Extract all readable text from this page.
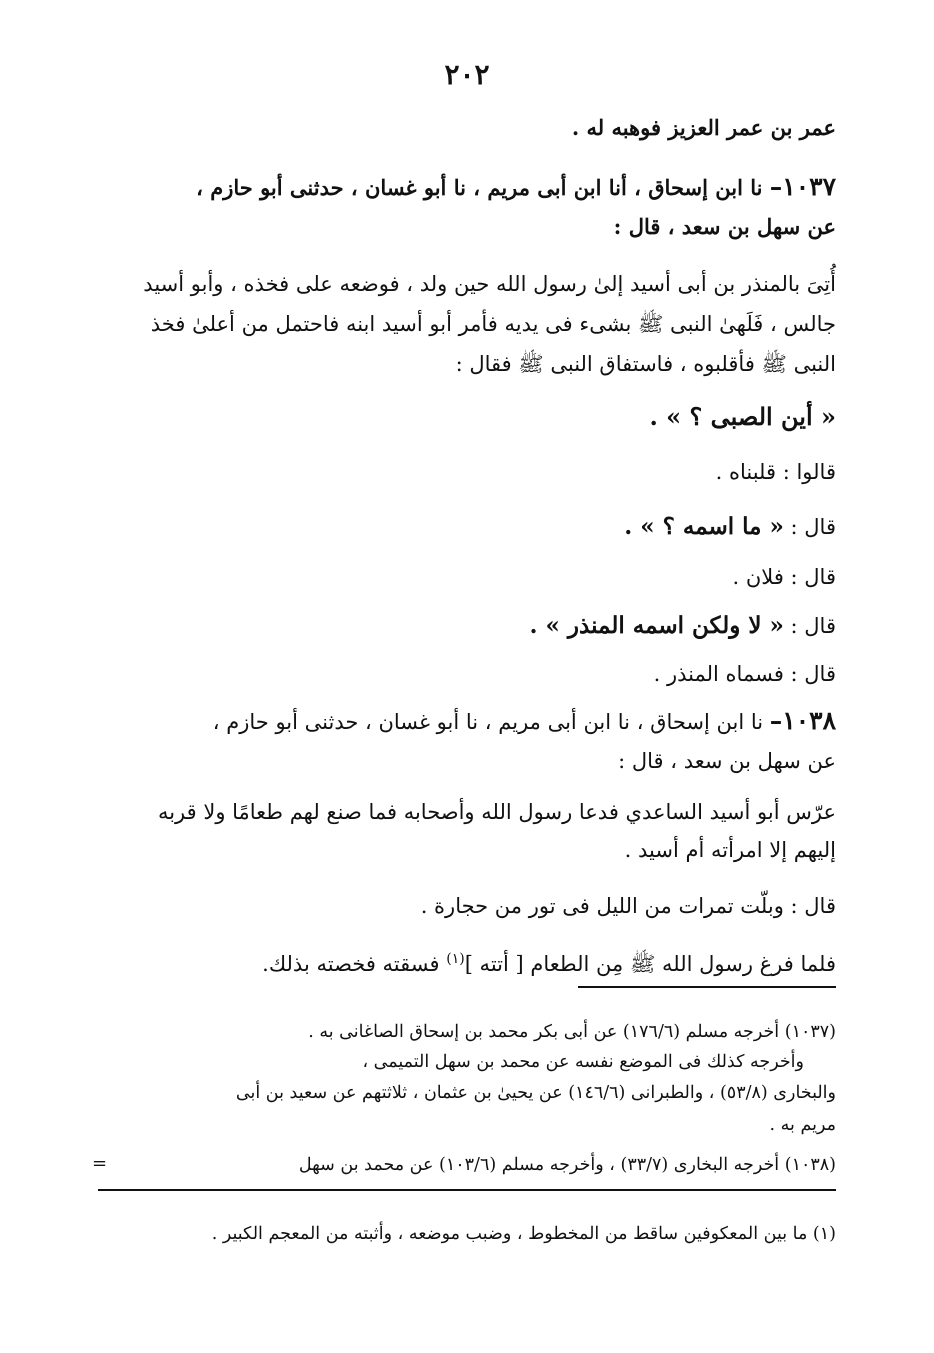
٢٠٢
عمر بن عمر العزيز فوهبه له .
١٠٣٧– نا ابن إسحاق ، أنا ابن أبى مريم ، نا أبو غسان ، حدثنى أبو حازم ،
عن سهل بن سعد ، قال :
أُتِىَ بالمنذر بن أبى أسيد إلىٰ رسول الله حين ولد ، فوضعه على فخذه ، وأبو أسيد
جالس ، فَلَهىٰ النبى ﷺ بشىء فى يديه فأمر أبو أسيد ابنه فاحتمل من أعلىٰ فخذ
النبى ﷺ فأقلبوه ، فاستفاق النبى ﷺ فقال :
« أين الصبى ؟ » .
قالوا : قلبناه .
قال : « ما اسمه ؟ » .
قال : فلان .
قال : « لا ولكن اسمه المنذر » .
قال : فسماه المنذر .
١٠٣٨– نا ابن إسحاق ، نا ابن أبى مريم ، نا أبو غسان ، حدثنى أبو حازم ،
عن سهل بن سعد ، قال :
عرّس أبو أسيد الساعدي فدعا رسول الله وأصحابه فما صنع لهم طعامًا ولا قربه
إليهم إلا امرأته أم أسيد .
قال : وبلّت تمرات من الليل فى تور من حجارة .
فلما فرغ رسول الله ﷺ مِن الطعام [ أتته ]$^{(١)}$ فسقته فخصته بذلك.
(١٠٣٧) أخرجه مسلم (١٧٦/٦) عن أبى بكر محمد بن إسحاق الصاغانى به .
وأخرجه كذلك فى الموضع نفسه عن محمد بن سهل التميمى ،
والبخارى (٥٣/٨) ، والطبرانى (١٤٦/٦) عن يحيىٰ بن عثمان ، ثلاثتهم عن سعيد بن أبى
مريم به .
(١٠٣٨) أخرجه البخارى (٣٣/٧) ، وأخرجه مسلم (١٠٣/٦) عن محمد بن سهل
=
(١) ما بين المعكوفين ساقط من المخطوط ، وضبب موضعه ، وأثبته من المعجم الكبير .
